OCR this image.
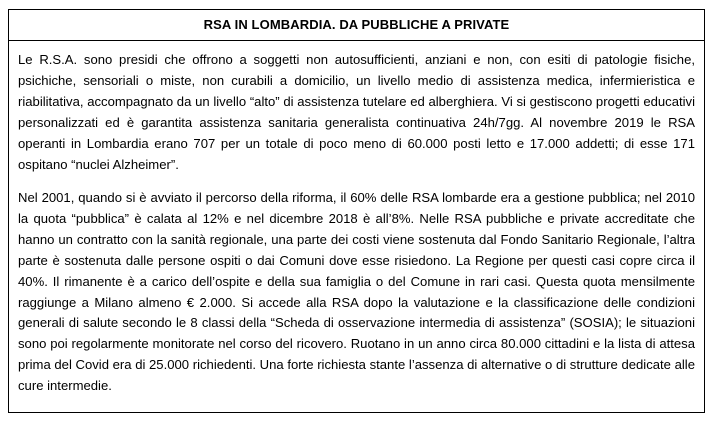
RSA IN LOMBARDIA. DA PUBBLICHE A PRIVATE

Le R.S.A. sono presidi che offrono a soggetti non autosufficienti, anziani e non, con esiti di patologie fisiche, psichiche, sensoriali o miste, non curabili a domicilio, un livello medio di assistenza medica, infermieristica e riabilitativa, accompagnato da un livello “alto” di assistenza tutelare ed alberghiera. Vi si gestiscono progetti educativi personalizzati ed è garantita assistenza sanitaria generalista continuativa 24h/7gg. Al novembre 2019 le RSA operanti in Lombardia erano 707 per un totale di poco meno di 60.000 posti letto e 17.000 addetti; di esse 171 ospitano “nuclei Alzheimer”.

Nel 2001, quando si è avviato il percorso della riforma, il 60% delle RSA lombarde era a gestione pubblica; nel 2010 la quota “pubblica” è calata al 12% e nel dicembre 2018 è all’8%. Nelle RSA pubbliche e private accreditate che hanno un contratto con la sanità regionale, una parte dei costi viene sostenuta dal Fondo Sanitario Regionale, l’altra parte è sostenuta dalle persone ospiti o dai Comuni dove esse risiedono. La Regione per questi casi copre circa il 40%. Il rimanente è a carico dell’ospite e della sua famiglia o del Comune in rari casi. Questa quota mensilmente raggiunge a Milano almeno € 2.000. Si accede alla RSA dopo la valutazione e la classificazione delle condizioni generali di salute secondo le 8 classi della “Scheda di osservazione intermedia di assistenza” (SOSIA); le situazioni sono poi regolarmente monitorate nel corso del ricovero. Ruotano in un anno circa 80.000 cittadini e la lista di attesa prima del Covid era di 25.000 richiedenti. Una forte richiesta stante l’assenza di alternative o di strutture dedicate alle cure intermedie.
